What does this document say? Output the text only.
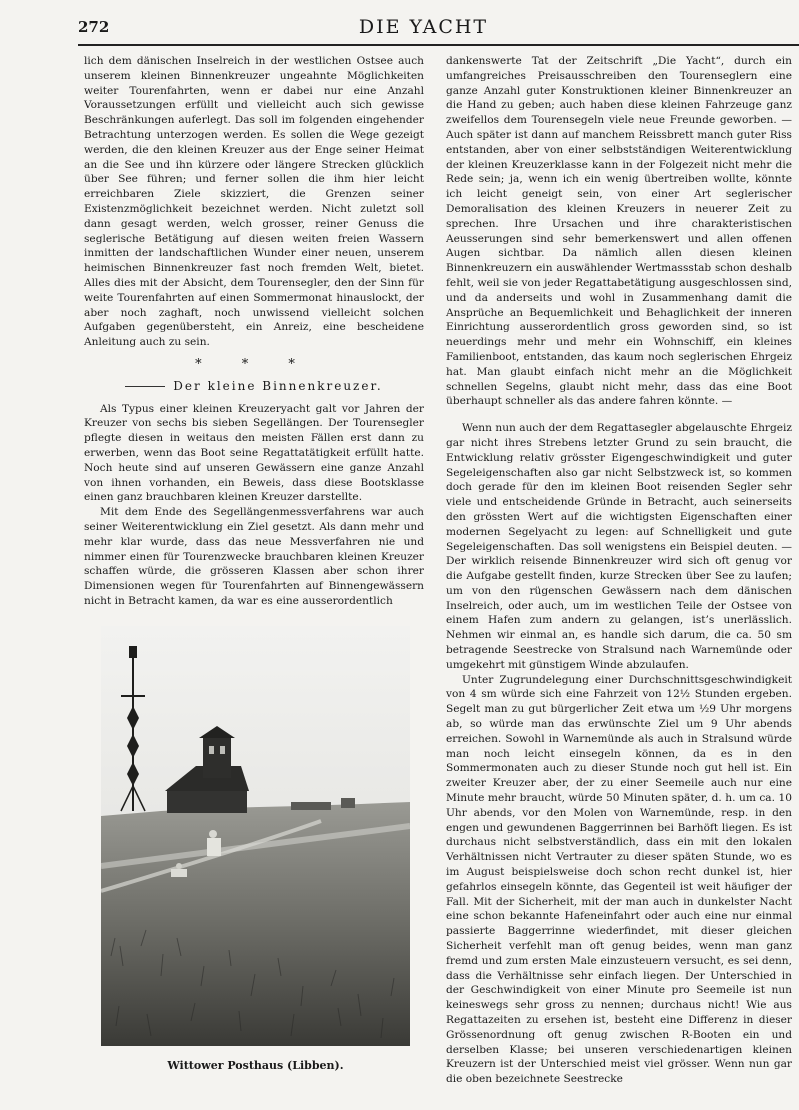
272	DIE YACHT

lich dem dänischen Inselreich in der westlichen Ostsee auch unserem kleinen Binnenkreuzer ungeahnte Möglichkeiten weiter Tourenfahrten, wenn er dabei nur eine Anzahl Voraussetzungen erfüllt und vielleicht auch sich gewisse Beschränkungen auferlegt. Das soll im folgenden eingehender Betrachtung unterzogen werden. Es sollen die Wege gezeigt werden, die den kleinen Kreuzer aus der Enge seiner Heimat an die See und ihn kürzere oder längere Strecken glücklich über See führen; und ferner sollen die ihm hier leicht erreichbaren Ziele skizziert, die Grenzen seiner Existenzmöglichkeit bezeichnet werden. Nicht zuletzt soll dann gesagt werden, welch grosser, reiner Genuss die seglerische Betätigung auf diesen weiten freien Wassern inmitten der landschaftlichen Wunder einer neuen, unserem heimischen Binnenkreuzer fast noch fremden Welt, bietet. Alles dies mit der Absicht, dem Tourensegler, den der Sinn für weite Tourenfahrten auf einen Sommermonat hinauslockt, der aber noch zaghaft, noch unwissend vielleicht solchen Aufgaben gegenübersteht, ein Anreiz, eine bescheidene Anleitung auch zu sein.

* * *
Der kleine Binnenkreuzer.

Als Typus einer kleinen Kreuzeryacht galt vor Jahren der Kreuzer von sechs bis sieben Segellängen. Der Tourensegler pflegte diesen in weitaus den meisten Fällen erst dann zu erwerben, wenn das Boot seine Regattatätigkeit erfüllt hatte. Noch heute sind auf unseren Gewässern eine ganze Anzahl von ihnen vorhanden, ein Beweis, dass diese Bootsklasse einen ganz brauchbaren kleinen Kreuzer darstellte.

Mit dem Ende des Segellängenmessverfahrens war auch seiner Weiterentwicklung ein Ziel gesetzt. Als dann mehr und mehr klar wurde, dass das neue Messverfahren nie und nimmer einen für Tourenzwecke brauchbaren kleinen Kreuzer schaffen würde, die grösseren Klassen aber schon ihrer Dimensionen wegen für Tourenfahrten auf Binnengewässern nicht in Betracht kamen, da war es eine ausserordentlich

Wittower Posthaus (Libben).

dankenswerte Tat der Zeitschrift „Die Yacht“, durch ein umfangreiches Preisausschreiben den Tourenseglern eine ganze Anzahl guter Konstruktionen kleiner Binnenkreuzer an die Hand zu geben; auch haben diese kleinen Fahrzeuge ganz zweifellos dem Tourensegeln viele neue Freunde geworben. — Auch später ist dann auf manchem Reissbrett manch guter Riss entstanden, aber von einer selbstständigen Weiterentwicklung der kleinen Kreuzerklasse kann in der Folgezeit nicht mehr die Rede sein; ja, wenn ich ein wenig übertreiben wollte, könnte ich leicht geneigt sein, von einer Art seglerischer Demoralisation des kleinen Kreuzers in neuerer Zeit zu sprechen. Ihre Ursachen und ihre charakteristischen Aeusserungen sind sehr bemerkenswert und allen offenen Augen sichtbar. Da nämlich allen diesen kleinen Binnenkreuzern ein auswählender Wertmassstab schon deshalb fehlt, weil sie von jeder Regattabetätigung ausgeschlossen sind, und da anderseits und wohl in Zusammenhang damit die Ansprüche an Bequemlichkeit und Behaglichkeit der inneren Einrichtung ausserordentlich gross geworden sind, so ist neuerdings mehr und mehr ein Wohnschiff, ein kleines Familienboot, entstanden, das kaum noch seglerischen Ehrgeiz hat. Man glaubt einfach nicht mehr an die Möglichkeit schnellen Segelns, glaubt nicht mehr, dass das eine Boot überhaupt schneller als das andere fahren könnte. —

Wenn nun auch der dem Regattasegler abgelauschte Ehrgeiz gar nicht ihres Strebens letzter Grund zu sein braucht, die Entwicklung relativ grösster Eigengeschwindigkeit und guter Segeleigenschaften also gar nicht Selbstzweck ist, so kommen doch gerade für den im kleinen Boot reisenden Segler sehr viele und entscheidende Gründe in Betracht, auch seinerseits den grössten Wert auf die wichtigsten Eigenschaften einer modernen Segelyacht zu legen: auf Schnelligkeit und gute Segeleigenschaften. Das soll wenigstens ein Beispiel deuten. — Der wirklich reisende Binnenkreuzer wird sich oft genug vor die Aufgabe gestellt finden, kurze Strecken über See zu laufen; um von den rügenschen Gewässern nach dem dänischen Inselreich, oder auch, um im westlichen Teile der Ostsee von einem Hafen zum andern zu gelangen, ist’s unerlässlich. Nehmen wir einmal an, es handle sich darum, die ca. 50 sm betragende Seestrecke von Stralsund nach Warnemünde oder umgekehrt mit günstigem Winde abzulaufen.

Unter Zugrundelegung einer Durchschnittsgeschwindigkeit von 4 sm würde sich eine Fahrzeit von 12½ Stunden ergeben. Segelt man zu gut bürgerlicher Zeit etwa um ½9 Uhr morgens ab, so würde man das erwünschte Ziel um 9 Uhr abends erreichen. Sowohl in Warnemünde als auch in Stralsund würde man noch leicht einsegeln können, da es in den Sommermonaten auch zu dieser Stunde noch gut hell ist. Ein zweiter Kreuzer aber, der zu einer Seemeile auch nur eine Minute mehr braucht, würde 50 Minuten später, d. h. um ca. 10 Uhr abends, vor den Molen von Warnemünde, resp. in den engen und gewundenen Baggerrinnen bei Barhöft liegen. Es ist durchaus nicht selbstverständlich, dass ein mit den lokalen Verhältnissen nicht Vertrauter zu dieser späten Stunde, wo es im August beispielsweise doch schon recht dunkel ist, hier gefahrlos einsegeln könnte, das Gegenteil ist weit häufiger der Fall. Mit der Sicherheit, mit der man auch in dunkelster Nacht eine schon bekannte Hafeneinfahrt oder auch eine nur einmal passierte Baggerrinne wiederfindet, mit dieser gleichen Sicherheit verfehlt man oft genug beides, wenn man ganz fremd und zum ersten Male einzusteuern versucht, es sei denn, dass die Verhältnisse sehr einfach liegen. Der Unterschied in der Geschwindigkeit von einer Minute pro Seemeile ist nun keineswegs sehr gross zu nennen; durchaus nicht! Wie aus Regattazeiten zu ersehen ist, besteht eine Differenz in dieser Grössenordnung oft genug zwischen R-Booten ein und derselben Klasse; bei unseren verschiedenartigen kleinen Kreuzern ist der Unterschied meist viel grösser. Wenn nun gar die oben bezeichnete Seestrecke
